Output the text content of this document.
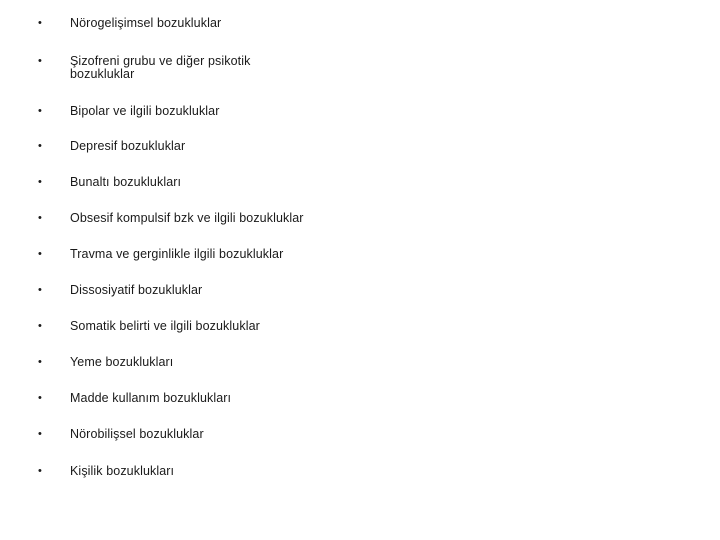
•	Nörogelişimsel bozukluklar
•	Şizofreni grubu ve diğer psikotik bozukluklar
•	Bipolar ve ilgili bozukluklar
•	Depresif bozukluklar
•	Bunaltı bozuklukları
•	Obsesif kompulsif bzk ve ilgili bozukluklar
•	Travma ve gerginlikle ilgili bozukluklar
•	Dissosiyatif bozukluklar
•	Somatik belirti ve ilgili bozukluklar
•	Yeme bozuklukları
•	Madde kullanım bozuklukları
•	Nörobilişsel bozukluklar
•	Kişilik bozuklukları
